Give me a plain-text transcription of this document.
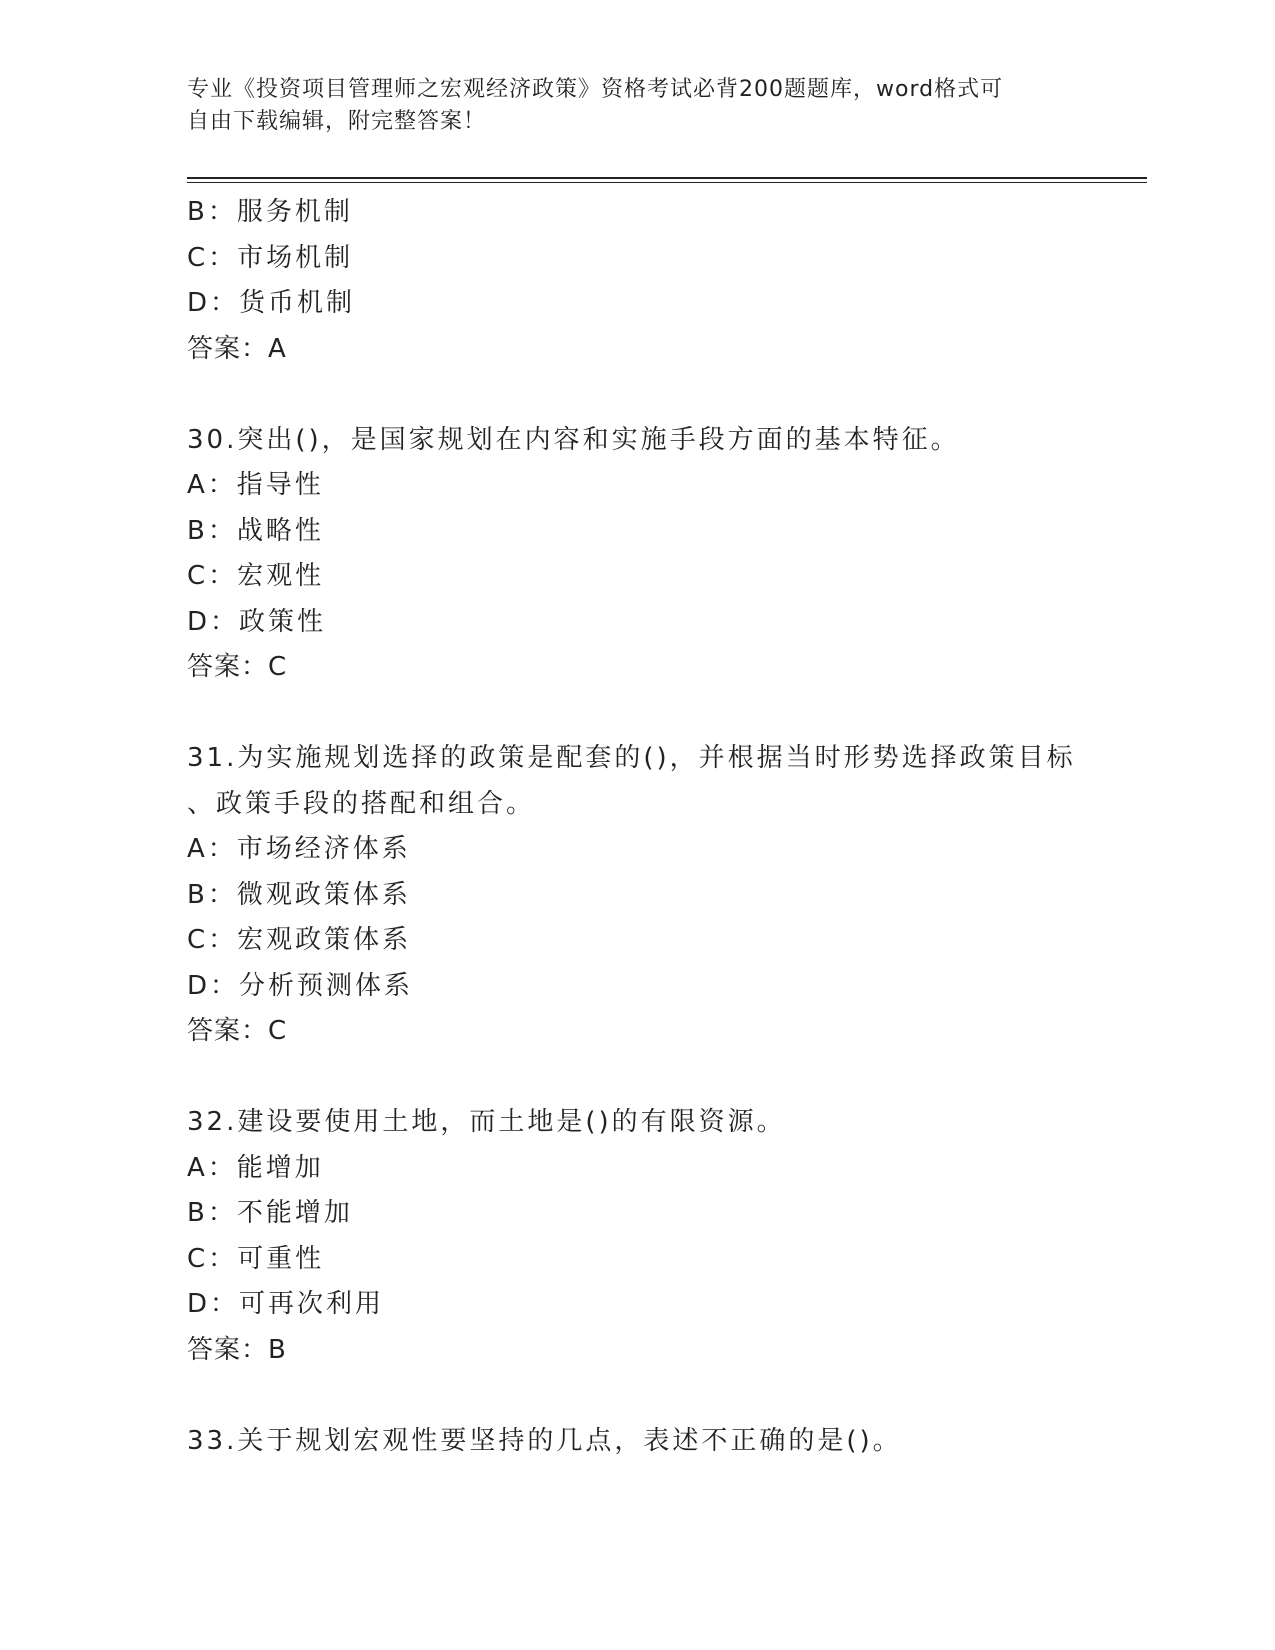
专业《投资项目管理师之宏观经济政策》资格考试必背200题题库，word格式可
自由下载编辑，附完整答案！
B：服务机制
C：市场机制
D：货币机制
答案：A
30.突出()，是国家规划在内容和实施手段方面的基本特征。
A：指导性
B：战略性
C：宏观性
D：政策性
答案：C
31.为实施规划选择的政策是配套的()，并根据当时形势选择政策目标
、政策手段的搭配和组合。
A：市场经济体系
B：微观政策体系
C：宏观政策体系
D：分析预测体系
答案：C
32.建设要使用土地，而土地是()的有限资源。
A：能增加
B：不能增加
C：可重性
D：可再次利用
答案：B
33.关于规划宏观性要坚持的几点，表述不正确的是()。
